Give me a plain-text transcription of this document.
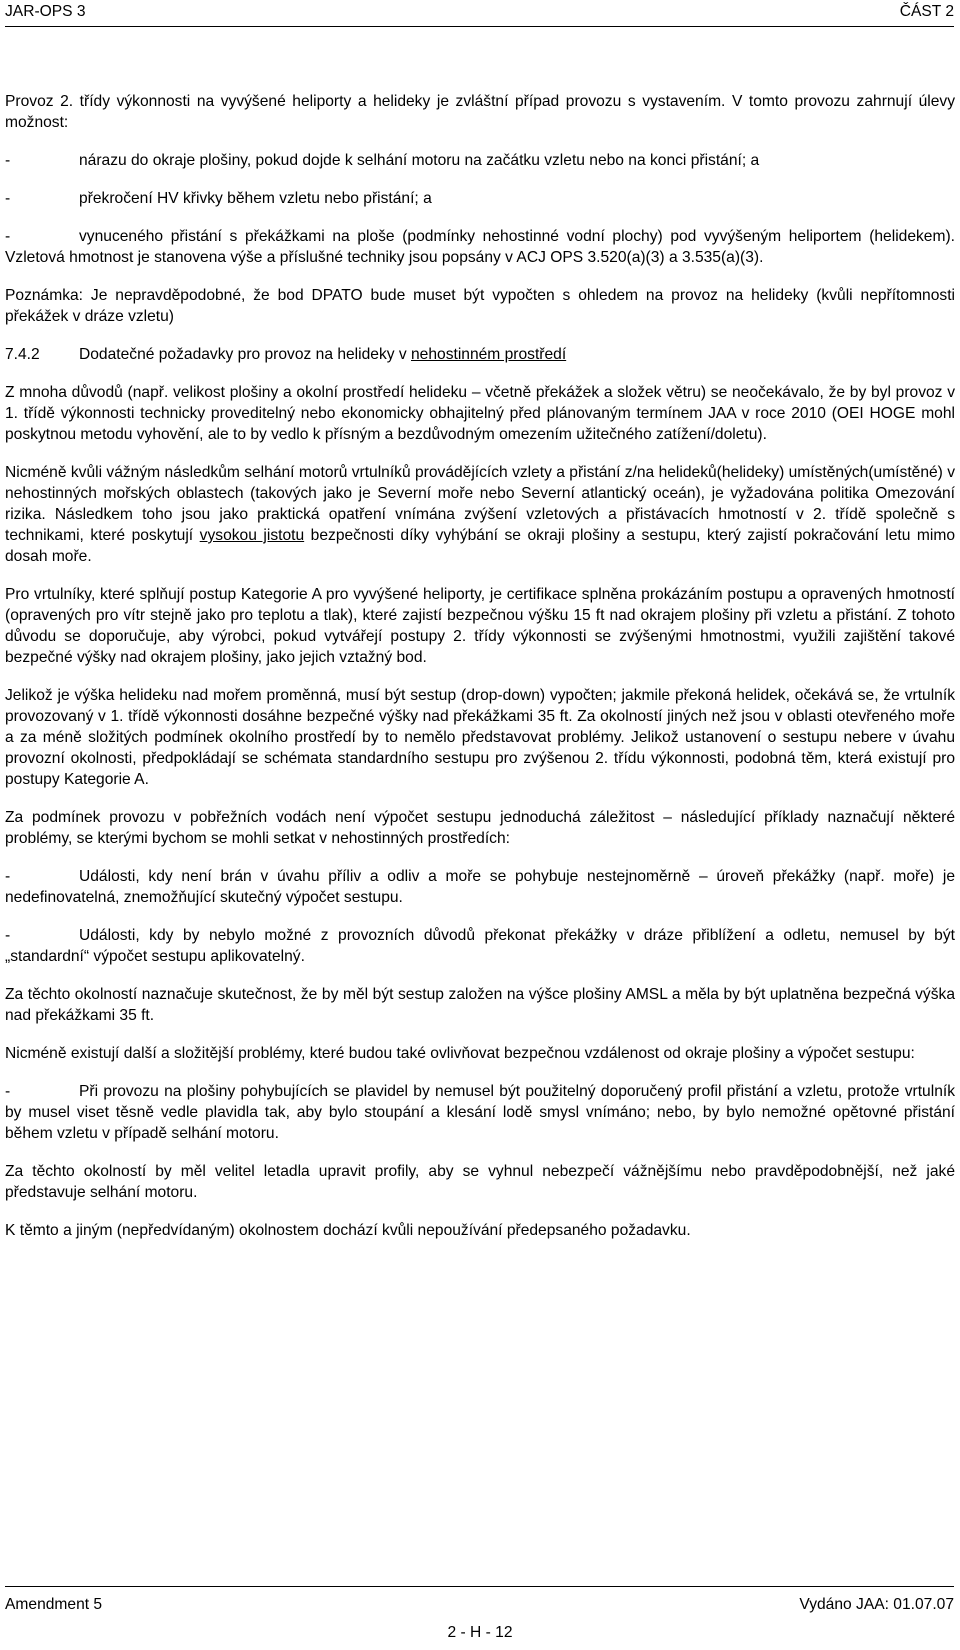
JAR-OPS 3	ČÁST 2

Provoz 2. třídy výkonnosti na vyvýšené heliporty a helideky je zvláštní případ provozu s vystavením. V tomto provozu zahrnují úlevy možnost:

-	nárazu do okraje plošiny, pokud dojde k selhání motoru na začátku vzletu nebo na konci přistání; a
-	překročení HV křivky během vzletu nebo přistání; a

-	vynuceného přistání s překážkami na ploše (podmínky nehostinné vodní plochy) pod vyvýšeným heliportem (helidekem). Vzletová hmotnost je stanovena výše a příslušné techniky jsou popsány v ACJ OPS 3.520(a)(3) a 3.535(a)(3).

Poznámka: Je nepravděpodobné, že bod DPATO bude muset být vypočten s ohledem na provoz na helideky (kvůli nepřítomnosti překážek v dráze vzletu)

7.4.2	Dodatečné požadavky pro provoz na helideky v nehostinném prostředí

Z mnoha důvodů (např. velikost plošiny a okolní prostředí helideku – včetně překážek a složek větru) se neočekávalo, že by byl provoz v 1. třídě výkonnosti technicky proveditelný nebo ekonomicky obhajitelný před plánovaným termínem JAA v roce 2010 (OEI HOGE mohl poskytnou metodu vyhovění, ale to by vedlo k přísným a bezdůvodným omezením užitečného zatížení/doletu).

Nicméně kvůli vážným následkům selhání motorů vrtulníků provádějících vzlety a přistání z/na helideků(helideky) umístěných(umístěné) v nehostinných mořských oblastech (takových jako je Severní moře nebo Severní atlantický oceán), je vyžadována politika Omezování rizika. Následkem toho jsou jako praktická opatření vnímána zvýšení vzletových a přistávacích hmotností v 2. třídě společně s technikami, které poskytují vysokou jistotu bezpečnosti díky vyhýbání se okraji plošiny a sestupu, který zajistí pokračování letu mimo dosah moře.

Pro vrtulníky, které splňují postup Kategorie A pro vyvýšené heliporty, je certifikace splněna prokázáním postupu a opravených hmotností (opravených pro vítr stejně jako pro teplotu a tlak), které zajistí bezpečnou výšku 15 ft nad okrajem plošiny při vzletu a přistání. Z tohoto důvodu se doporučuje, aby výrobci, pokud vytvářejí postupy 2. třídy výkonnosti se zvýšenými hmotnostmi, využili zajištění takové bezpečné výšky nad okrajem plošiny, jako jejich vztažný bod.

Jelikož je výška helideku nad mořem proměnná, musí být sestup (drop-down) vypočten; jakmile překoná helidek, očekává se, že vrtulník provozovaný v 1. třídě výkonnosti dosáhne bezpečné výšky nad překážkami 35 ft. Za okolností jiných než jsou v oblasti otevřeného moře a za méně složitých podmínek okolního prostředí by to nemělo představovat problémy. Jelikož ustanovení o sestupu nebere v úvahu provozní okolnosti, předpokládají se schémata standardního sestupu pro zvýšenou 2. třídu výkonnosti, podobná těm, která existují pro postupy Kategorie A.

Za podmínek provozu v pobřežních vodách není výpočet sestupu jednoduchá záležitost – následující příklady naznačují některé problémy, se kterými bychom se mohli setkat v nehostinných prostředích:

-	Události, kdy není brán v úvahu příliv a odliv a moře se pohybuje nestejnoměrně – úroveň překážky (např. moře) je nedefinovatelná, znemožňující skutečný výpočet sestupu.

-	Události, kdy by nebylo možné z provozních důvodů překonat překážky v dráze přiblížení a odletu, nemusel by být „standardní“ výpočet sestupu aplikovatelný.

Za těchto okolností naznačuje skutečnost, že by měl být sestup založen na výšce plošiny AMSL a měla by být uplatněna bezpečná výška nad překážkami 35 ft.

Nicméně existují další a složitější problémy, které budou také ovlivňovat bezpečnou vzdálenost od okraje plošiny a výpočet sestupu:

-	Při provozu na plošiny pohybujících se plavidel by nemusel být použitelný doporučený profil přistání a vzletu, protože vrtulník by musel viset těsně vedle plavidla tak, aby bylo stoupání a klesání lodě smysl vnímáno; nebo, by bylo nemožné opětovné přistání během vzletu v případě selhání motoru.

Za těchto okolností by měl velitel letadla upravit profily, aby se vyhnul nebezpečí vážnějšímu nebo pravděpodobnější, než jaké představuje selhání motoru.

K těmto a jiným (nepředvídaným) okolnostem dochází kvůli nepoužívání předepsaného požadavku.

Amendment 5	Vydáno JAA: 01.07.07
2 - H - 12
